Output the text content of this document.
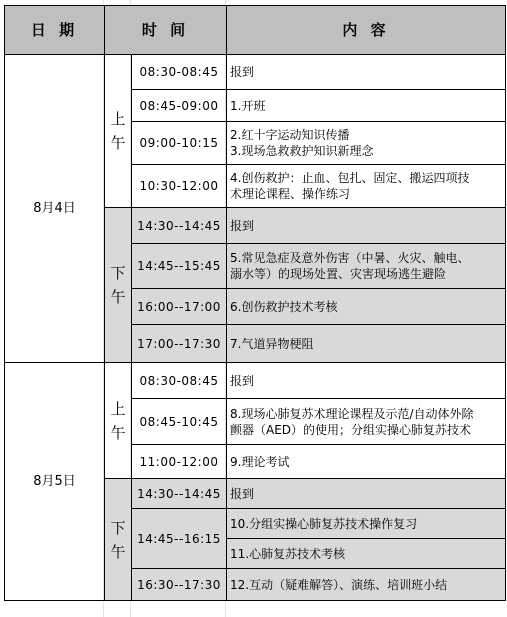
日 期	时 间		内 容
8月4日	上
午	08:30-08:45	报到

		08:45-09:00	1.开班

		09:00-10:15	2.红十字运动知识传播
3.现场急救救护知识新理念

		10:30-12:00	4.创伤救护：止血、包扎、固定、搬运四项技
术理论课程、操作练习

	下
午	14:30--14:45	报到

		14:45--15:45	5.常见急症及意外伤害（中暑、火灾、触电、
溺水等）的现场处置、灾害现场逃生避险

		16:00--17:00	6.创伤救护技术考核

		17:00--17:30	7.气道异物梗阻

8月5日	上
午	08:30-08:45	报到

		08:45-10:45	8.现场心肺复苏术理论课程及示范/自动体外除
颤器（AED）的使用；分组实操心肺复苏技术

		11:00-12:00	9.理论考试

	下
午	14:30--14:45	报到

		14:45--16:15	10.分组实操心肺复苏技术操作复习

			11.心肺复苏技术考核

		16:30--17:30	12.互动（疑难解答）、演练、培训班小结
